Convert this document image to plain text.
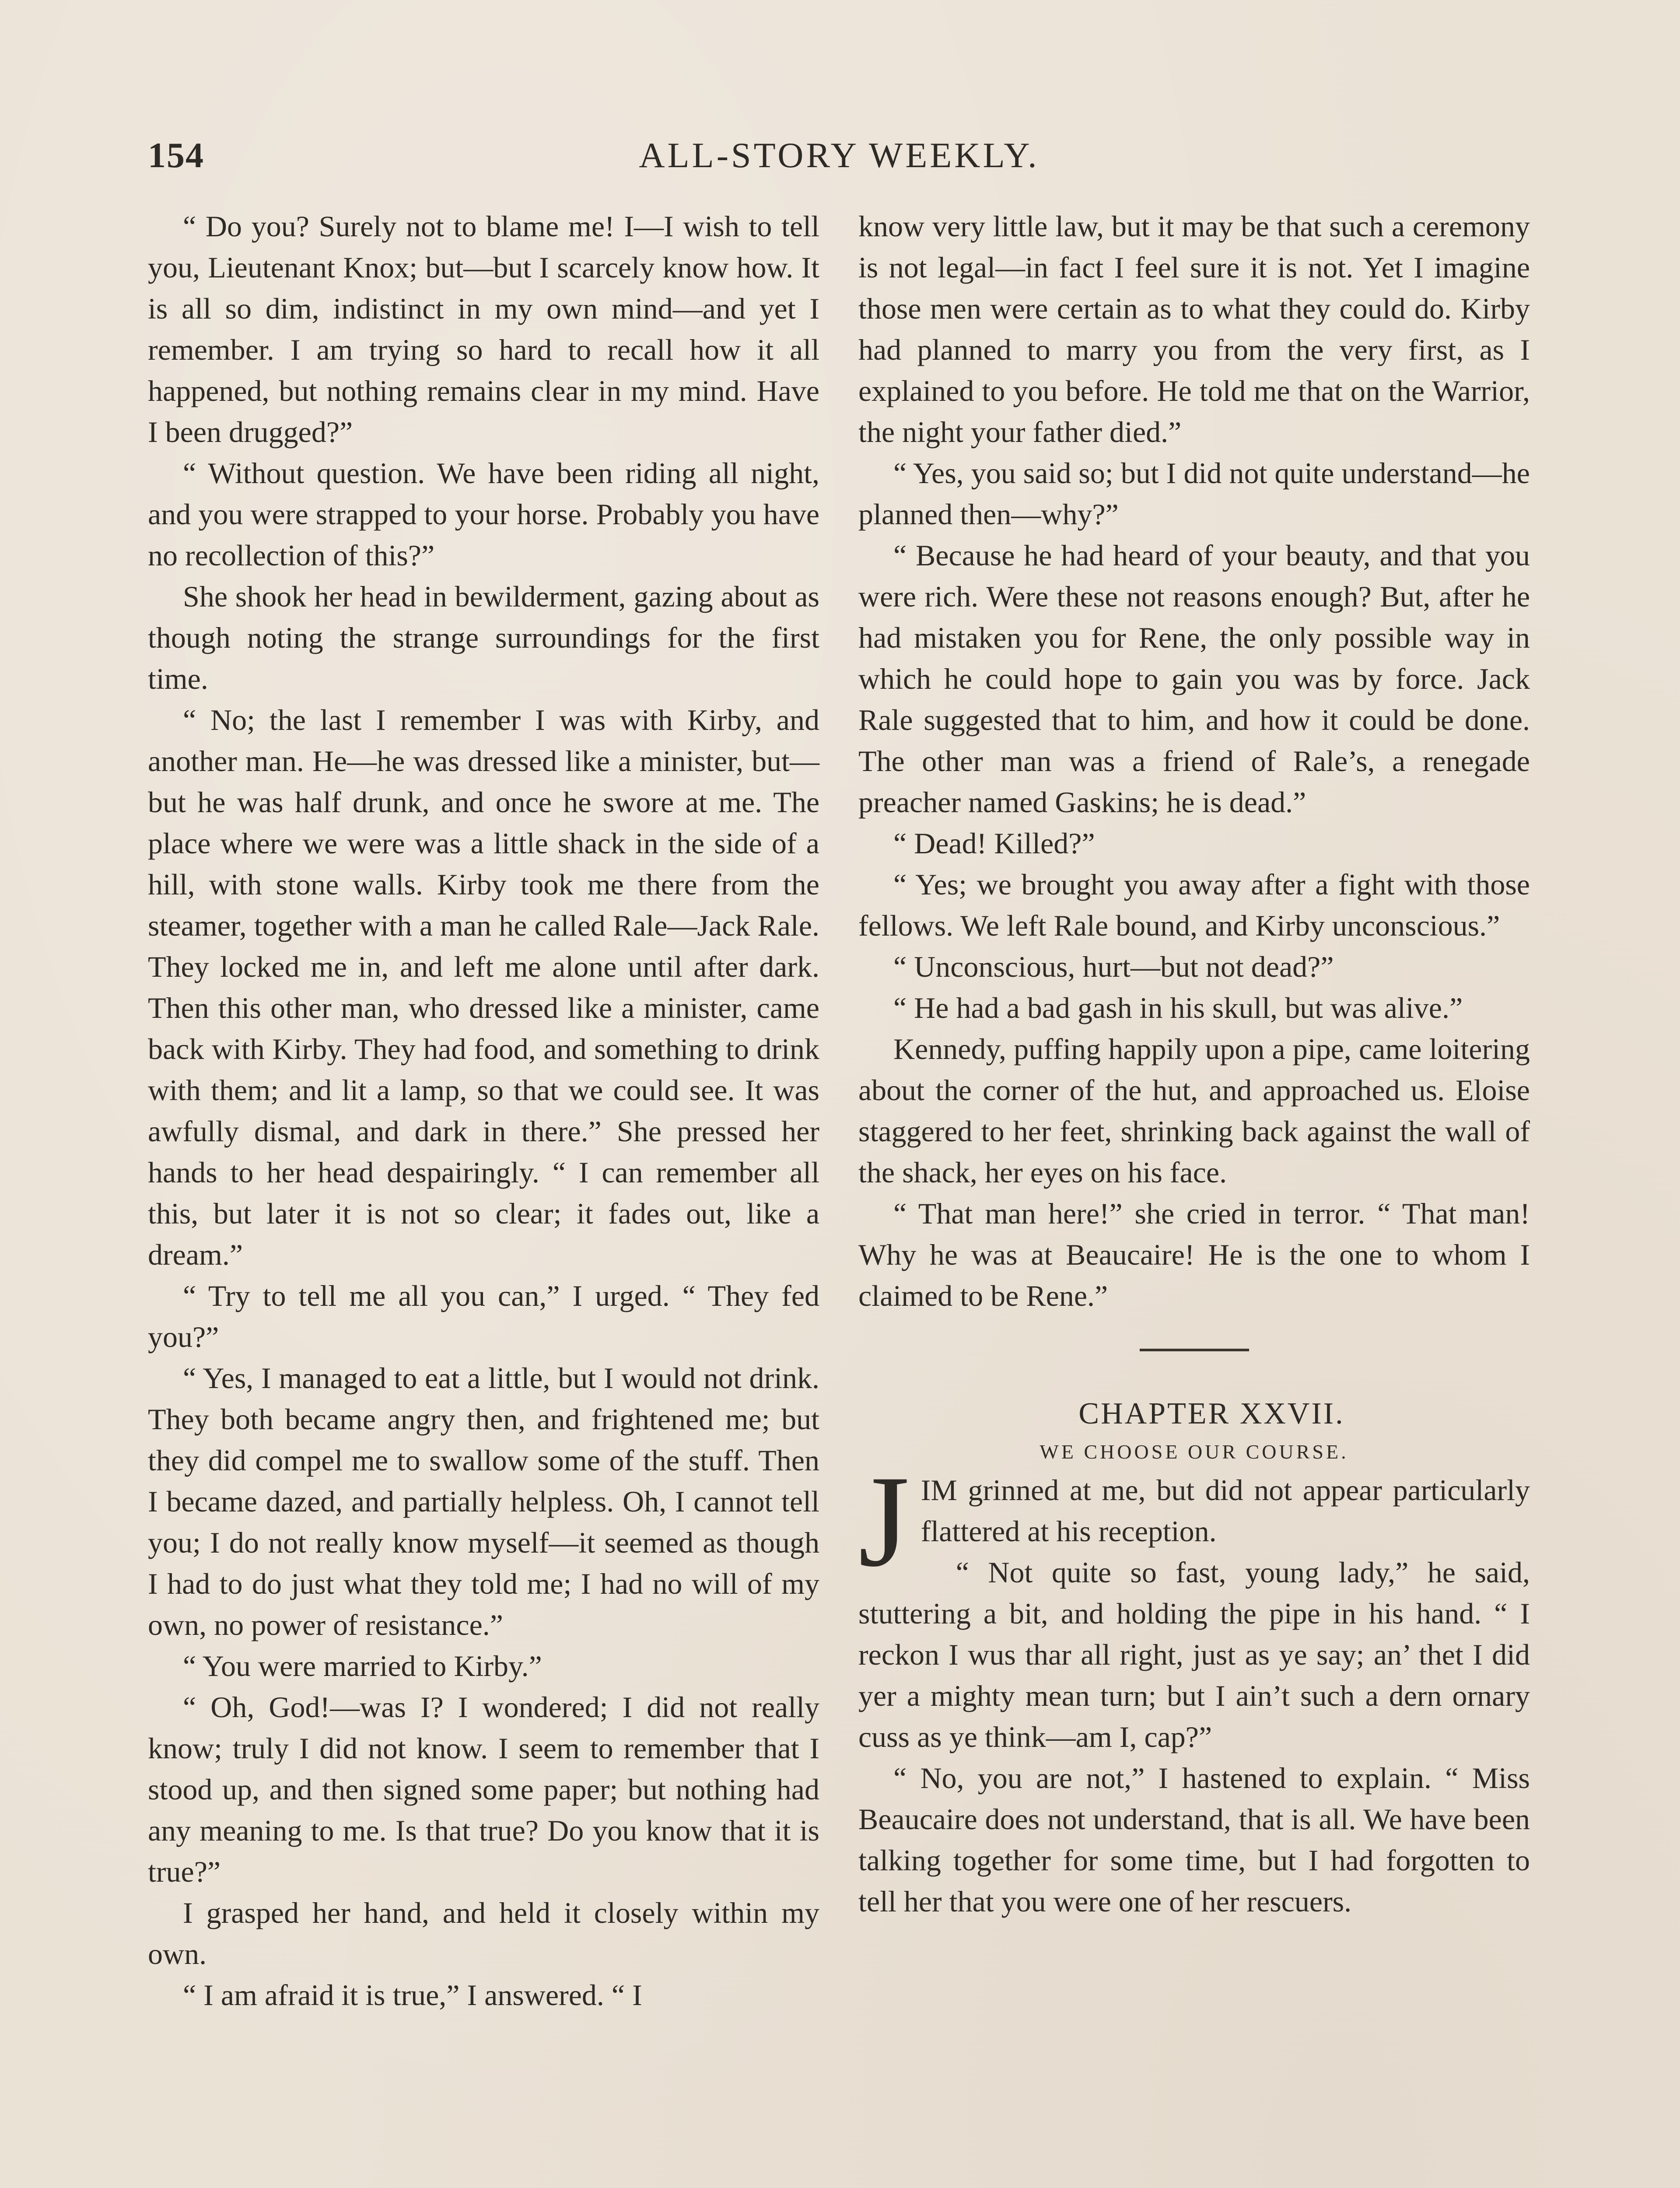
154	ALL-STORY WEEKLY.

“ Do you? Surely not to blame me! I—I wish to tell you, Lieutenant Knox; but—but I scarcely know how. It is all so dim, indistinct in my own mind—and yet I remember. I am trying so hard to recall how it all happened, but nothing remains clear in my mind. Have I been drugged?”

“ Without question. We have been riding all night, and you were strapped to your horse. Probably you have no recollection of this?”

She shook her head in bewilderment, gazing about as though noting the strange surroundings for the first time.

“ No; the last I remember I was with Kirby, and another man. He—he was dressed like a minister, but—but he was half drunk, and once he swore at me. The place where we were was a little shack in the side of a hill, with stone walls. Kirby took me there from the steamer, together with a man he called Rale—Jack Rale. They locked me in, and left me alone until after dark. Then this other man, who dressed like a minister, came back with Kirby. They had food, and something to drink with them; and lit a lamp, so that we could see. It was awfully dismal, and dark in there.” She pressed her hands to her head despairingly. “ I can remember all this, but later it is not so clear; it fades out, like a dream.”

“ Try to tell me all you can,” I urged. “ They fed you?”

“ Yes, I managed to eat a little, but I would not drink. They both became angry then, and frightened me; but they did compel me to swallow some of the stuff. Then I became dazed, and partially helpless. Oh, I cannot tell you; I do not really know myself—it seemed as though I had to do just what they told me; I had no will of my own, no power of resistance.”

“ You were married to Kirby.”

“ Oh, God!—was I? I wondered; I did not really know; truly I did not know. I seem to remember that I stood up, and then signed some paper; but nothing had any meaning to me. Is that true? Do you know that it is true?”

I grasped her hand, and held it closely within my own.

“ I am afraid it is true,” I answered. “ I

know very little law, but it may be that such a ceremony is not legal—in fact I feel sure it is not. Yet I imagine those men were certain as to what they could do. Kirby had planned to marry you from the very first, as I explained to you before. He told me that on the Warrior, the night your father died.”

“ Yes, you said so; but I did not quite understand—he planned then—why?”

“ Because he had heard of your beauty, and that you were rich. Were these not reasons enough? But, after he had mistaken you for Rene, the only possible way in which he could hope to gain you was by force. Jack Rale suggested that to him, and how it could be done. The other man was a friend of Rale’s, a renegade preacher named Gaskins; he is dead.”

“ Dead! Killed?”

“ Yes; we brought you away after a fight with those fellows. We left Rale bound, and Kirby unconscious.”

“ Unconscious, hurt—but not dead?”

“ He had a bad gash in his skull, but was alive.”

Kennedy, puffing happily upon a pipe, came loitering about the corner of the hut, and approached us. Eloise staggered to her feet, shrinking back against the wall of the shack, her eyes on his face.

“ That man here!” she cried in terror. “ That man! Why he was at Beaucaire! He is the one to whom I claimed to be Rene.”

CHAPTER XXVII.

WE CHOOSE OUR COURSE.

JIM grinned at me, but did not appear particularly flattered at his reception.

“ Not quite so fast, young lady,” he said, stuttering a bit, and holding the pipe in his hand. “ I reckon I wus thar all right, just as ye say; an’ thet I did yer a mighty mean turn; but I ain’t such a dern ornary cuss as ye think—am I, cap?”

“ No, you are not,” I hastened to explain. “ Miss Beaucaire does not understand, that is all. We have been talking together for some time, but I had forgotten to tell her that you were one of her rescuers.
